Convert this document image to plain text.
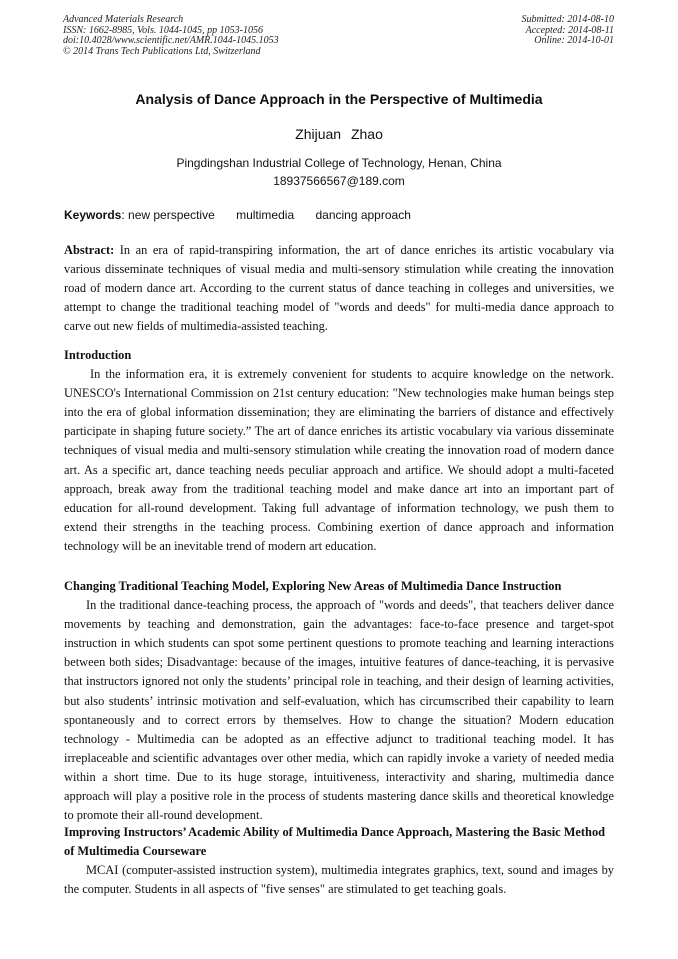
Advanced Materials Research
ISSN: 1662-8985, Vols. 1044-1045, pp 1053-1056
doi:10.4028/www.scientific.net/AMR.1044-1045.1053
© 2014 Trans Tech Publications Ltd, Switzerland
Submitted: 2014-08-10
Accepted: 2014-08-11
Online: 2014-10-01
Analysis of Dance Approach in the Perspective of Multimedia
Zhijuan Zhao
Pingdingshan Industrial College of Technology, Henan, China
18937566567@189.com
Keywords: new perspective multimedia dancing approach

Abstract: In an era of rapid-transpiring information, the art of dance enriches its artistic vocabulary via various disseminate techniques of visual media and multi-sensory stimulation while creating the innovation road of modern dance art. According to the current status of dance teaching in colleges and universities, we attempt to change the traditional teaching model of "words and deeds" for multi-media dance approach to carve out new fields of multimedia-assisted teaching.

Introduction

In the information era, it is extremely convenient for students to acquire knowledge on the network. UNESCO's International Commission on 21st century education: "New technologies make human beings step into the era of global information dissemination; they are eliminating the barriers of distance and effectively participate in shaping future society.” The art of dance enriches its artistic vocabulary via various disseminate techniques of visual media and multi-sensory stimulation while creating the innovation road of modern dance art. As a specific art, dance teaching needs peculiar approach and artifice. We should adopt a multi-faceted approach, break away from the traditional teaching model and make dance art into an important part of education for all-round development. Taking full advantage of information technology, we push them to extend their strengths in the teaching process. Combining exertion of dance approach and information technology will be an inevitable trend of modern art education.

Changing Traditional Teaching Model, Exploring New Areas of Multimedia Dance Instruction

In the traditional dance-teaching process, the approach of "words and deeds", that teachers deliver dance movements by teaching and demonstration, gain the advantages: face-to-face presence and target-spot instruction in which students can spot some pertinent questions to promote teaching and learning interactions between both sides; Disadvantage: because of the images, intuitive features of dance-teaching, it is pervasive that instructors ignored not only the students’ principal role in teaching, and their design of learning activities, but also students’ intrinsic motivation and self-evaluation, which has circumscribed their capability to learn spontaneously and to correct errors by themselves. How to change the situation? Modern education technology - Multimedia can be adopted as an effective adjunct to traditional teaching model. It has irreplaceable and scientific advantages over other media, which can rapidly invoke a variety of needed media within a short time. Due to its huge storage, intuitiveness, interactivity and sharing, multimedia dance approach will play a positive role in the process of students mastering dance skills and theoretical knowledge to promote their all-round development.

Improving Instructors’ Academic Ability of Multimedia Dance Approach, Mastering the Basic Method of Multimedia Courseware

MCAI (computer-assisted instruction system), multimedia integrates graphics, text, sound and images by the computer. Students in all aspects of "five senses" are stimulated to get teaching goals.
